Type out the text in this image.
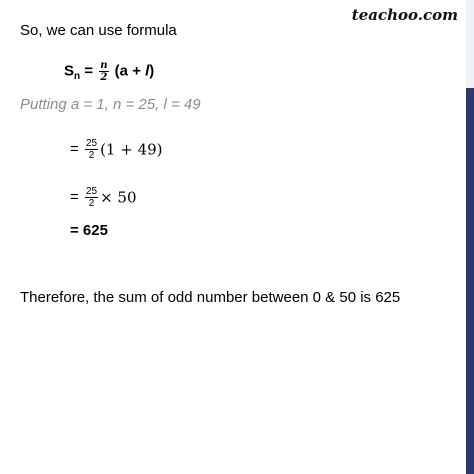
teachoo.com
So, we can use formula
$S_n = \frac{n}{2} (a + l)$
Putting a = 1, n = 25, l = 49
= $\frac{25}{2} (1 + 49)$
= $\frac{25}{2} \times 50$
= 625
Therefore, the sum of odd number between 0 & 50 is 625
